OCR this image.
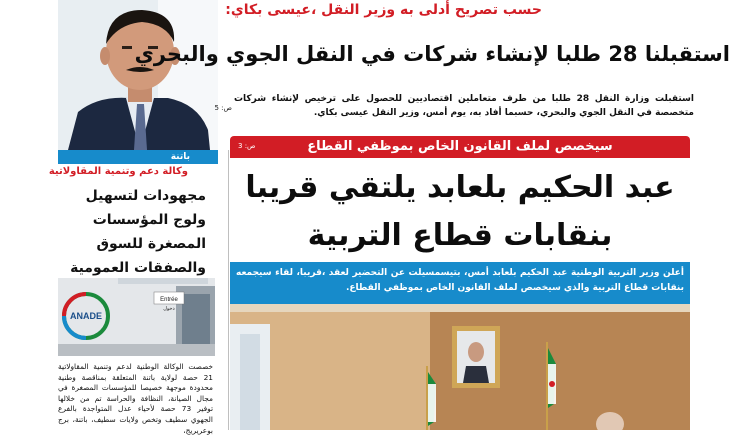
حسب تصريح أدلى به وزير النقل ،عيسى بكاي:
استقبلنا 28 طلبا لإنشاء شركات في النقل الجوي والبحري
استقبلت وزارة النقل 28 طلبا من طرف متعاملين اقتصاديين للحصول على ترخيص لإنشاء شركات متخصصة في النقل الجوي والبحري، حسبما أفاد به، يوم أمس، وزير النقل عيسى بكاي.
ص: 5
باتنة
وكالة دعم وتنمية المقاولاتية
مجهودات لتسهيل ولوج المؤسسات المصغرة للسوق والصفقات العمومية
Entrée
دخول
ANADE
خصصت الوكالة الوطنية لدعم وتنمية المقاولاتية 21 حصة لولاية باتنة المتعلقة بمناقصة وطنية محدودة موجهة خصيصا للمؤسسات المصغرة في مجال الصيانة، النظافة والحراسة تم من خلالها توفير 73 حصة لأحياء عدل المتواجدة بالفرع الجهوي سطيف وتخص ولايات سطيف، باتنة، برج بوعريريج،
سيخصص لملف القانون الخاص بموظفي القطاع
ص: 3
عبد الحكيم بلعابد يلتقي قريبا
بنقابات قطاع التربية
أعلن وزير التربية الوطنية عبد الحكيم بلعابد أمس، بتيسمسيلت عن التحضير لعقد ،قريبا، لقاء سيجمعه بنقابات قطاع التربية والذي سيخصص لملف القانون الخاص بموظفي القطاع.
